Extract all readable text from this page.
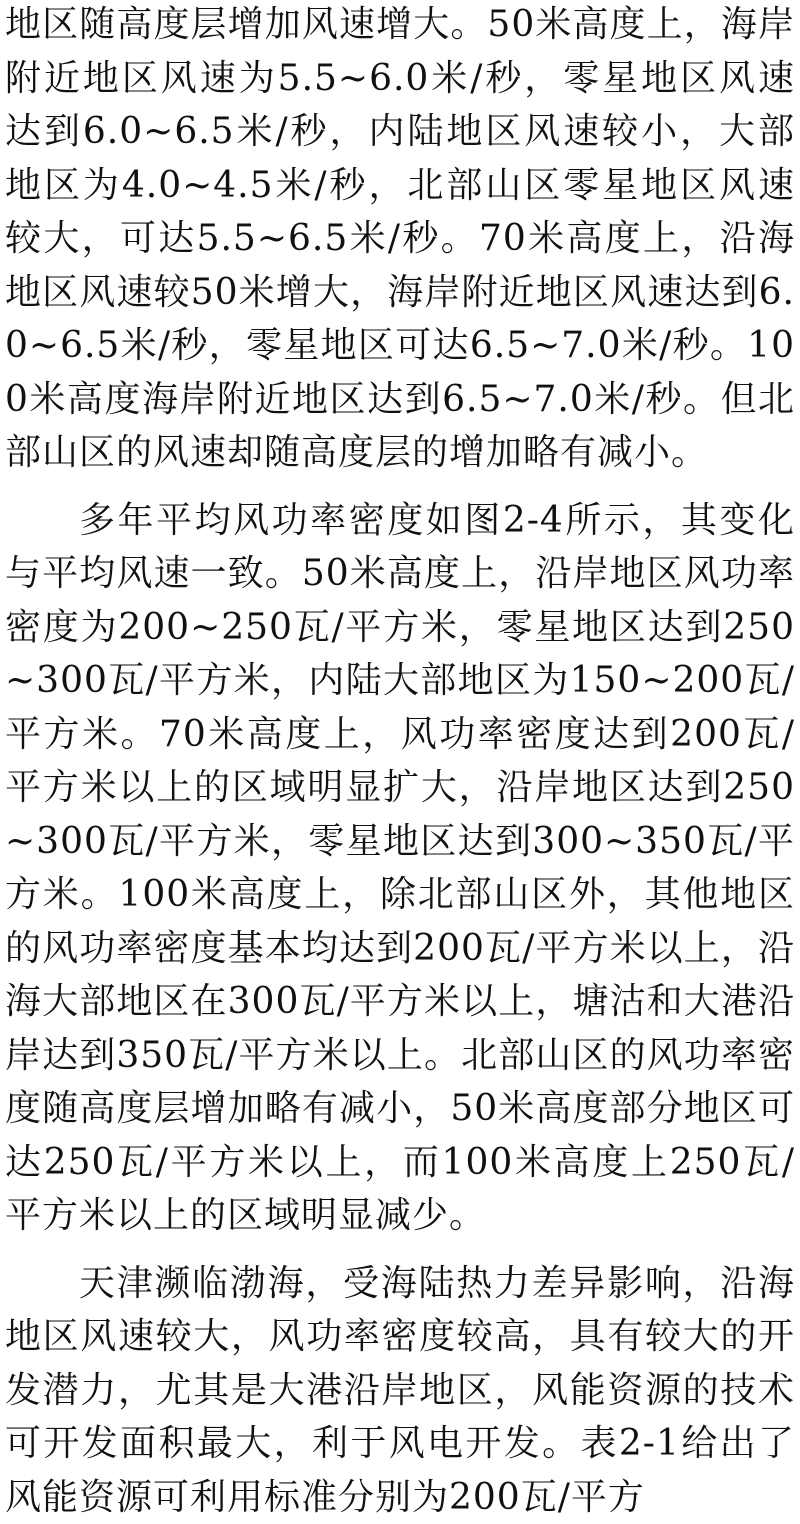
地区随高度层增加风速增大。50米高度上，海岸附近地区风速为5.5~6.0米/秒，零星地区风速达到6.0~6.5米/秒，内陆地区风速较小，大部地区为4.0~4.5米/秒，北部山区零星地区风速较大，可达5.5~6.5米/秒。70米高度上，沿海地区风速较50米增大，海岸附近地区风速达到6.0~6.5米/秒，零星地区可达6.5~7.0米/秒。100米高度海岸附近地区达到6.5~7.0米/秒。但北部山区的风速却随高度层的增加略有减小。

多年平均风功率密度如图2-4所示，其变化与平均风速一致。50米高度上，沿岸地区风功率密度为200~250瓦/平方米，零星地区达到250~300瓦/平方米，内陆大部地区为150~200瓦/平方米。70米高度上，风功率密度达到200瓦/平方米以上的区域明显扩大，沿岸地区达到250~300瓦/平方米，零星地区达到300~350瓦/平方米。100米高度上，除北部山区外，其他地区的风功率密度基本均达到200瓦/平方米以上，沿海大部地区在300瓦/平方米以上，塘沽和大港沿岸达到350瓦/平方米以上。北部山区的风功率密度随高度层增加略有减小，50米高度部分地区可达250瓦/平方米以上，而100米高度上250瓦/平方米以上的区域明显减少。

天津濒临渤海，受海陆热力差异影响，沿海地区风速较大，风功率密度较高，具有较大的开发潜力，尤其是大港沿岸地区，风能资源的技术可开发面积最大，利于风电开发。表2-1给出了风能资源可利用标准分别为200瓦/平方
